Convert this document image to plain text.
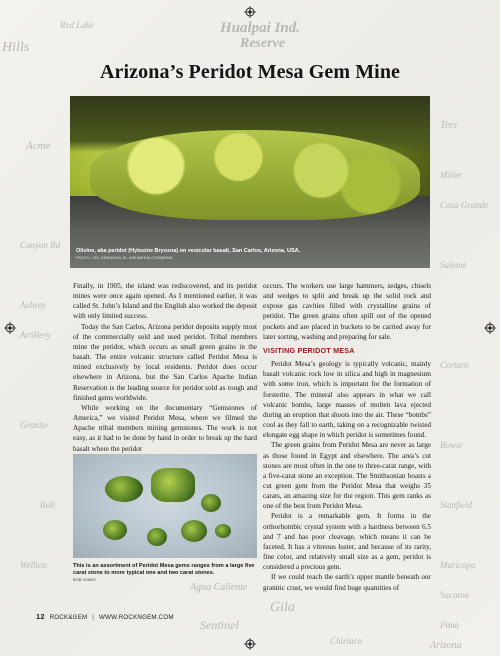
Hills
Red Lake	Hualpai Ind.
Reserve
Acme
Tres
Aubrey
Artillery
Bowie
Salome
Gila
Sentinel
Agua Caliente
Roll	Stanfield
Maricopa
Sacaton
Chiriaco
Pima
Granite
Cortaro
Arizona
Casa Grande
Wellton
Canyon Rd
Miller
Arizona’s Peridot Mesa Gem Mine
Olivine, aka peridot (Hylosine Bryozoa) on vesicular basalt, San Carlos, Arizona, USA.
PHOTO: ISS, BRANDON JK, WIKIMEDIA COMMONS

Finally, in 1905, the island was rediscovered, and its peridot mines were once again opened. As I mentioned earlier, it was called St. John’s Island and the English also worked the deposit with only limited success.

Today the San Carlos, Arizona peridot deposits supply most of the commercially sold and used peridot. Tribal members mine the peridot, which occurs as small green grains in the basalt. The entire volcanic structure called Peridot Mesa is mined exclusively by local residents. Peridot does occur elsewhere in Arizona, but the San Carlos Apache Indian Reservation is the leading source for peridot sold as rough and finished gems worldwide.

While working on the documentary “Gemstones of America,” we visited Peridot Mesa, where we filmed the Apache tribal members mining gemstones. The work is not easy, as it had to be done by hand in order to break up the hard basalt where the peridot

This is an assortment of Peridot Mesa gems ranges from a large five carat stone to more typical one and two carat stones.
BOB JONES

occurs. The workers use large hammers, sedges, chisels and wedges to split and break up the solid rock and expose gas cavities filled with crystalline grains of peridot. The green grains often spill out of the opened pockets and are placed in buckets to be carried away for later sorting, washing and preparing for sale.

VISITING PERIDOT MESA

Peridot Mesa’s geology is typically volcanic, mainly basalt volcanic rock low in silica and high in magnesium with some iron, which is important for the formation of forsterite. The mineral also appears in what we call volcanic bombs, large masses of molten lava ejected during an eruption that shoots into the air. These “bombs” cool as they fall to earth, taking on a recognizable twisted elongate egg shape in which peridot is sometimes found.

The green grains from Peridot Mesa are never as large as those found in Egypt and elsewhere. The area’s cut stones are most often in the one to three-carat range, with a five-carat stone an exception. The Smithsonian boasts a cut green gem from the Peridot Mesa that weighs 35 carats, an amazing size for the region. This gem ranks as one of the best from Peridot Mesa.

Peridot is a remarkable gem. It forms in the orthorhombic crystal system with a hardness between 6.5 and 7 and has poor cleavage, which means it can be faceted. It has a vitreous luster, and because of its rarity, fine color, and relatively small size as a gem, peridot is considered a precious gem.

If we could reach the earth’s upper mantle beneath our granitic crust, we would find huge quantities of

12 ROCK&GEM | WWW.ROCKNGEM.COM
